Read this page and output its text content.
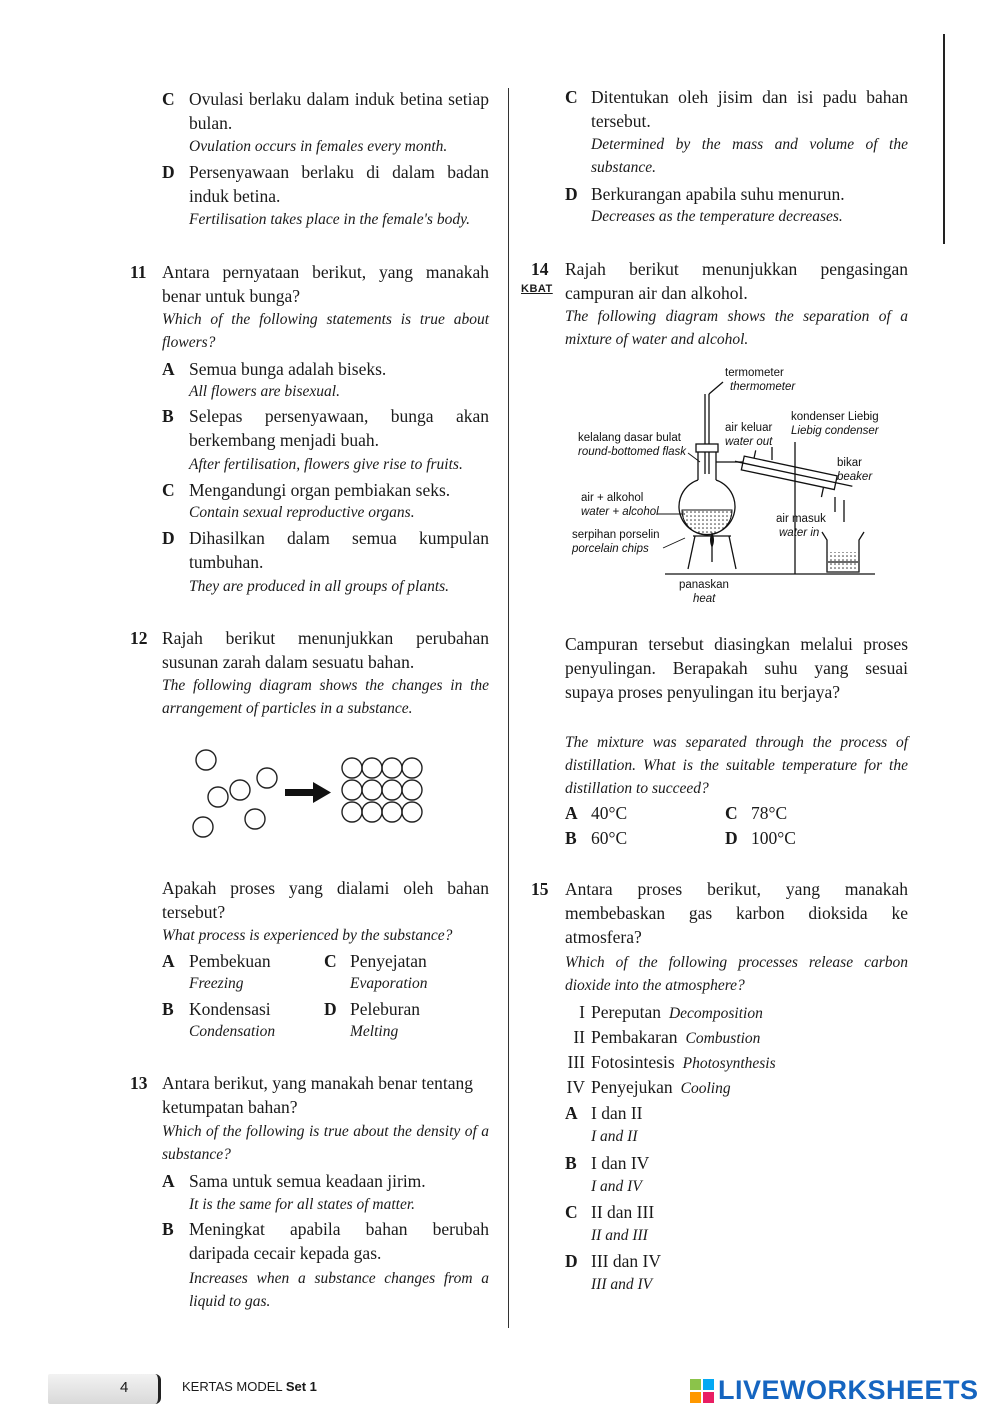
C Ovulasi berlaku dalam induk betina setiap bulan.
Ovulation occurs in females every month.
D Persenyawaan berlaku di dalam badan induk betina.
Fertilisation takes place in the female's body.
11 Antara pernyataan berikut, yang manakah benar untuk bunga?
Which of the following statements is true about flowers?
A Semua bunga adalah biseks.
All flowers are bisexual.
B Selepas persenyawaan, bunga akan berkembang menjadi buah.
After fertilisation, flowers give rise to fruits.
C Mengandungi organ pembiakan seks.
Contain sexual reproductive organs.
D Dihasilkan dalam semua kumpulan tumbuhan.
They are produced in all groups of plants.
12 Rajah berikut menunjukkan perubahan susunan zarah dalam sesuatu bahan.
The following diagram shows the changes in the arrangement of particles in a substance.
Apakah proses yang dialami oleh bahan tersebut?
What process is experienced by the substance?
A Pembekuan
Freezing
C Penyejatan
Evaporation
B Kondensasi
Condensation
D Peleburan
Melting
13 Antara berikut, yang manakah benar tentang ketumpatan bahan?
Which of the following is true about the density of a substance?
A Sama untuk semua keadaan jirim.
It is the same for all states of matter.
B Meningkat apabila bahan berubah daripada cecair kepada gas.
Increases when a substance changes from a liquid to gas.
C Ditentukan oleh jisim dan isi padu bahan tersebut.
Determined by the mass and volume of the substance.
D Berkurangan apabila suhu menurun.
Decreases as the temperature decreases.
14
KBAT
Rajah berikut menunjukkan pengasingan campuran air dan alkohol.
The following diagram shows the separation of a mixture of water and alcohol.
termometer
thermometer
kondenser Liebig
Liebig condenser
air keluar
water out
kelalang dasar bulat
round-bottomed flask
bikar
beaker
air + alkohol
water + alcohol
air masuk
water in
serpihan porselin
porcelain chips
panaskan
heat
Campuran tersebut diasingkan melalui proses penyulingan. Berapakah suhu yang sesuai supaya proses penyulingan itu berjaya?
The mixture was separated through the process of distillation. What is the suitable temperature for the distillation to succeed?
A 40°C	C 78°C
B 60°C	D 100°C
15 Antara proses berikut, yang manakah membebaskan gas karbon dioksida ke atmosfera?
Which of the following processes release carbon dioxide into the atmosphere?
I Pereputan Decomposition
II Pembakaran Combustion
III Fotosintesis Photosynthesis
IV Penyejukan Cooling
A I dan II
I and II
B I dan IV
I and IV
C II dan III
II and III
D III dan IV
III and IV
4	KERTAS MODEL Set 1	LIVEWORKSHEETS
